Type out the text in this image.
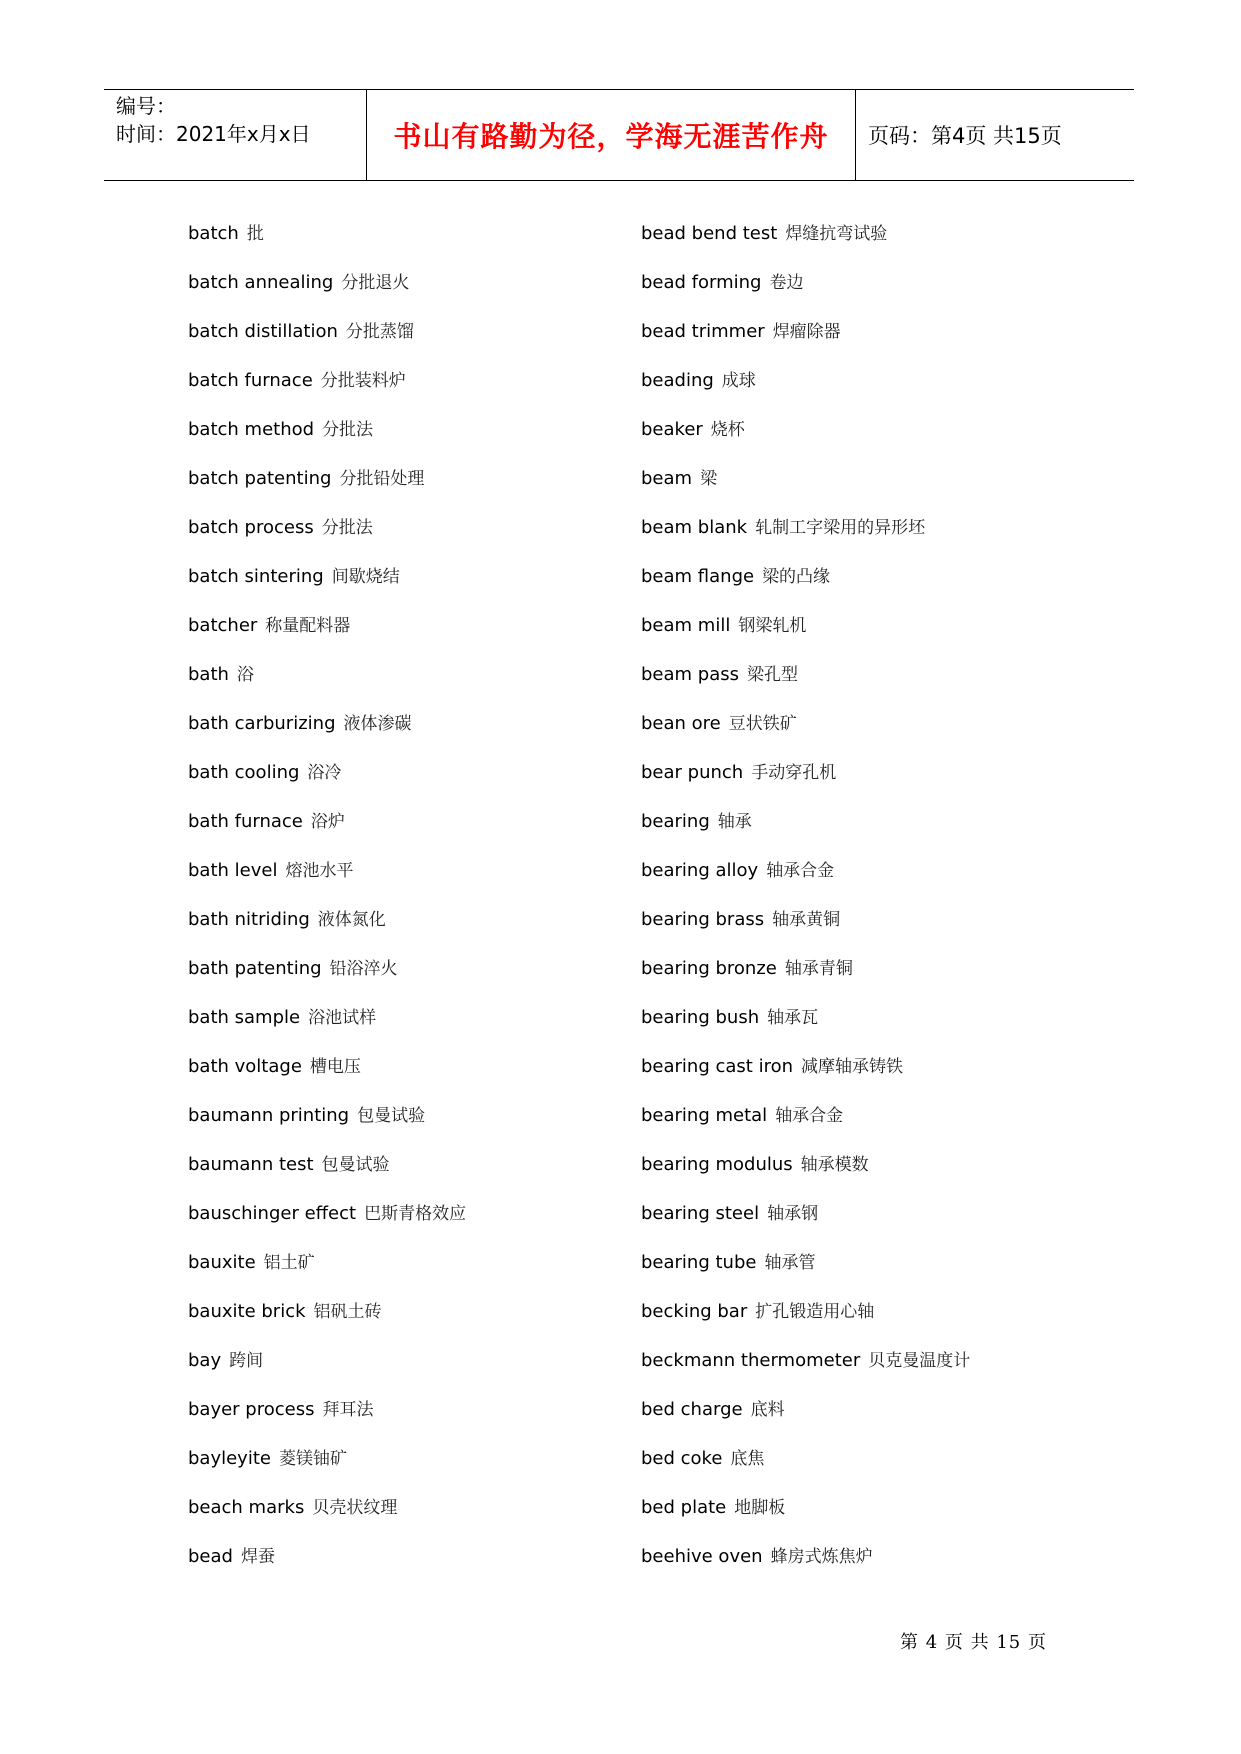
编号：
时间：2021年x月x日	书山有路勤为径，学海无涯苦作舟	页码：第4页 共15页
batch 批
batch annealing 分批退火
batch distillation 分批蒸馏
batch furnace 分批装料炉
batch method 分批法
batch patenting 分批铅处理
batch process 分批法
batch sintering 间歇烧结
batcher 称量配料器
bath 浴
bath carburizing 液体渗碳
bath cooling 浴冷
bath furnace 浴炉
bath level 熔池水平
bath nitriding 液体氮化
bath patenting 铅浴淬火
bath sample 浴池试样
bath voltage 槽电压
baumann printing 包曼试验
baumann test 包曼试验
bauschinger effect 巴斯青格效应
bauxite 铝土矿
bauxite brick 铝矾土砖
bay 跨间
bayer process 拜耳法
bayleyite 菱镁铀矿
beach marks 贝壳状纹理
bead 焊蚕
bead bend test 焊缝抗弯试验
bead forming 卷边
bead trimmer 焊瘤除器
beading 成球
beaker 烧杯
beam 梁
beam blank 轧制工字梁用的异形坯
beam flange 梁的凸缘
beam mill 钢梁轧机
beam pass 梁孔型
bean ore 豆状铁矿
bear punch 手动穿孔机
bearing 轴承
bearing alloy 轴承合金
bearing brass 轴承黄铜
bearing bronze 轴承青铜
bearing bush 轴承瓦
bearing cast iron 减摩轴承铸铁
bearing metal 轴承合金
bearing modulus 轴承模数
bearing steel 轴承钢
bearing tube 轴承管
becking bar 扩孔锻造用心轴
beckmann thermometer 贝克曼温度计
bed charge 底料
bed coke 底焦
bed plate 地脚板
beehive oven 蜂房式炼焦炉
第 4 页 共 15 页
